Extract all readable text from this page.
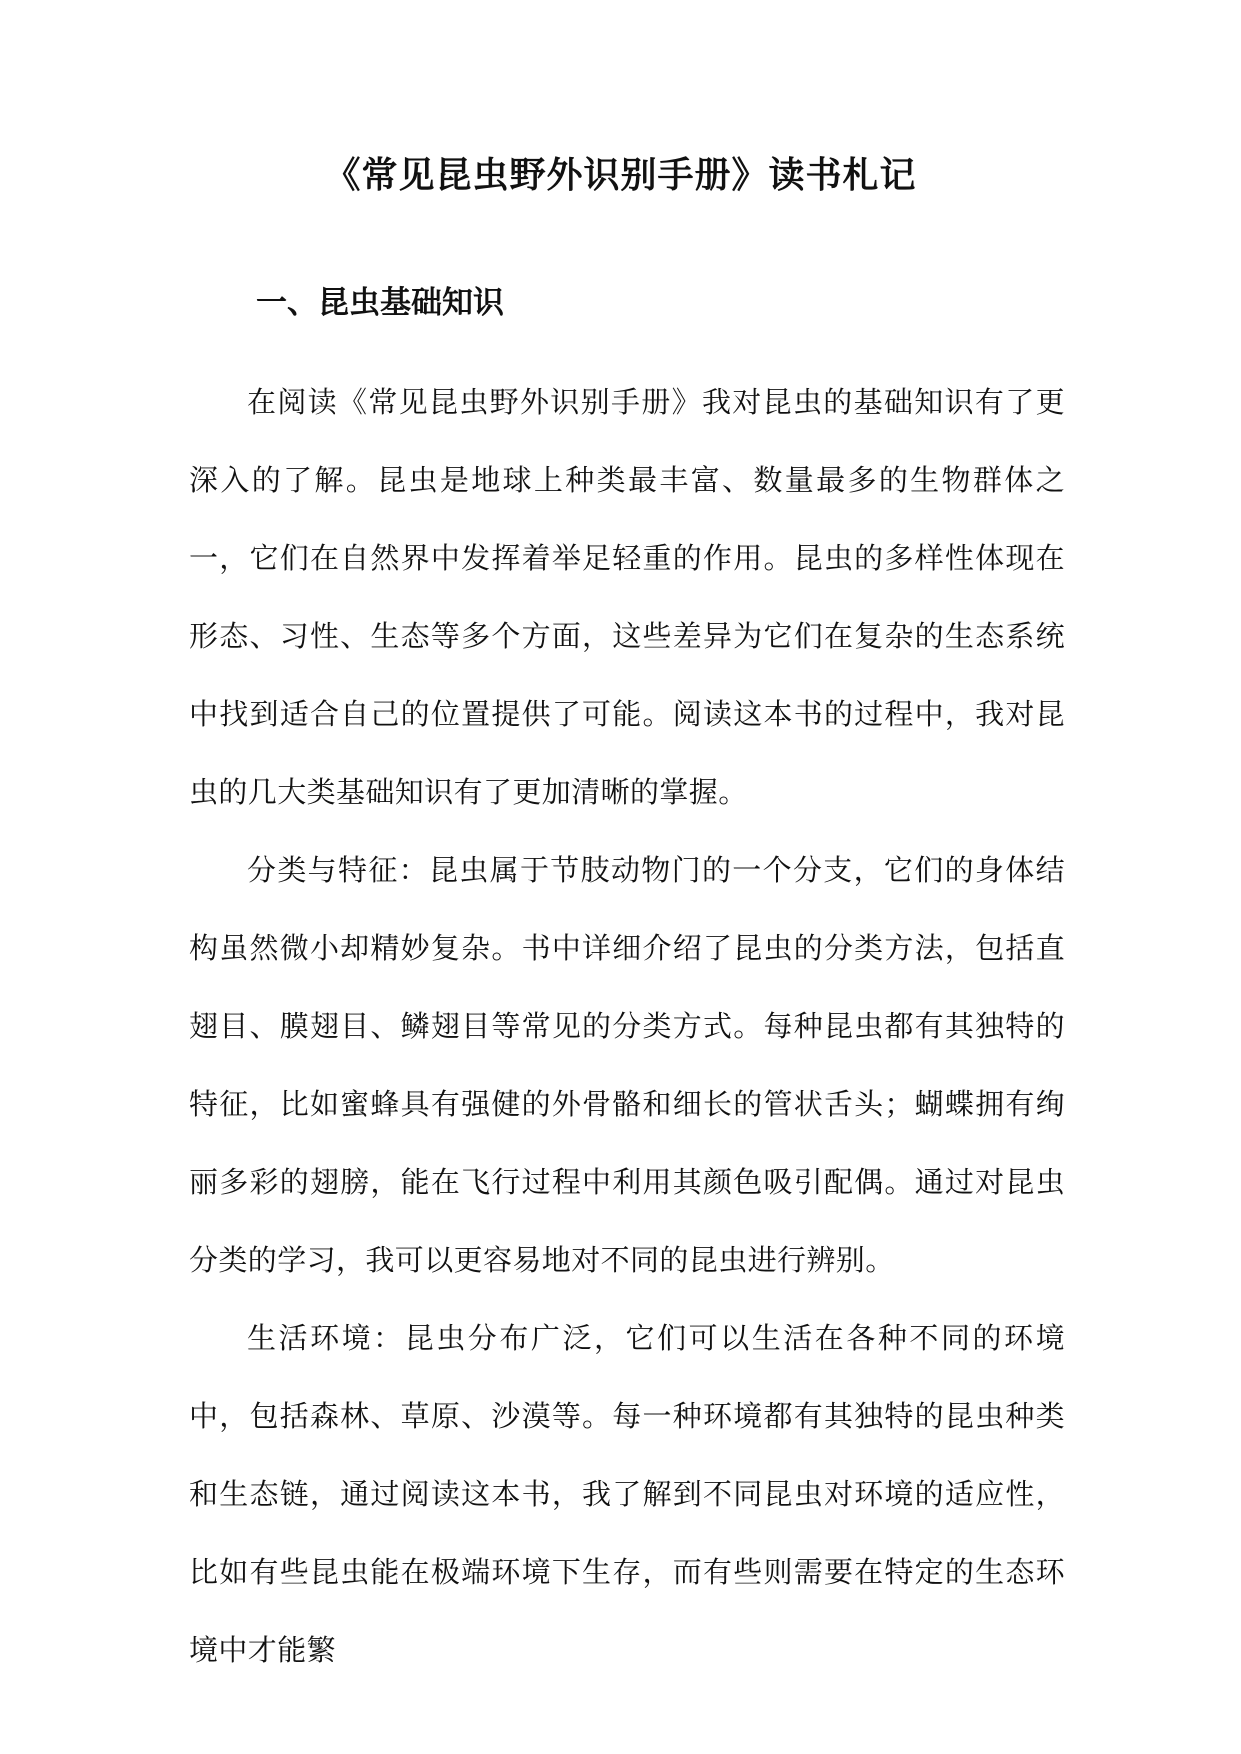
《常见昆虫野外识别手册》读书札记
一、昆虫基础知识

在阅读《常见昆虫野外识别手册》我对昆虫的基础知识有了更深入的了解。昆虫是地球上种类最丰富、数量最多的生物群体之一，它们在自然界中发挥着举足轻重的作用。昆虫的多样性体现在形态、习性、生态等多个方面，这些差异为它们在复杂的生态系统中找到适合自己的位置提供了可能。阅读这本书的过程中，我对昆虫的几大类基础知识有了更加清晰的掌握。

分类与特征：昆虫属于节肢动物门的一个分支，它们的身体结构虽然微小却精妙复杂。书中详细介绍了昆虫的分类方法，包括直翅目、膜翅目、鳞翅目等常见的分类方式。每种昆虫都有其独特的特征，比如蜜蜂具有强健的外骨骼和细长的管状舌头；蝴蝶拥有绚丽多彩的翅膀，能在飞行过程中利用其颜色吸引配偶。通过对昆虫分类的学习，我可以更容易地对不同的昆虫进行辨别。

生活环境：昆虫分布广泛，它们可以生活在各种不同的环境中，包括森林、草原、沙漠等。每一种环境都有其独特的昆虫种类和生态链，通过阅读这本书，我了解到不同昆虫对环境的适应性，比如有些昆虫能在极端环境下生存，而有些则需要在特定的生态环境中才能繁
